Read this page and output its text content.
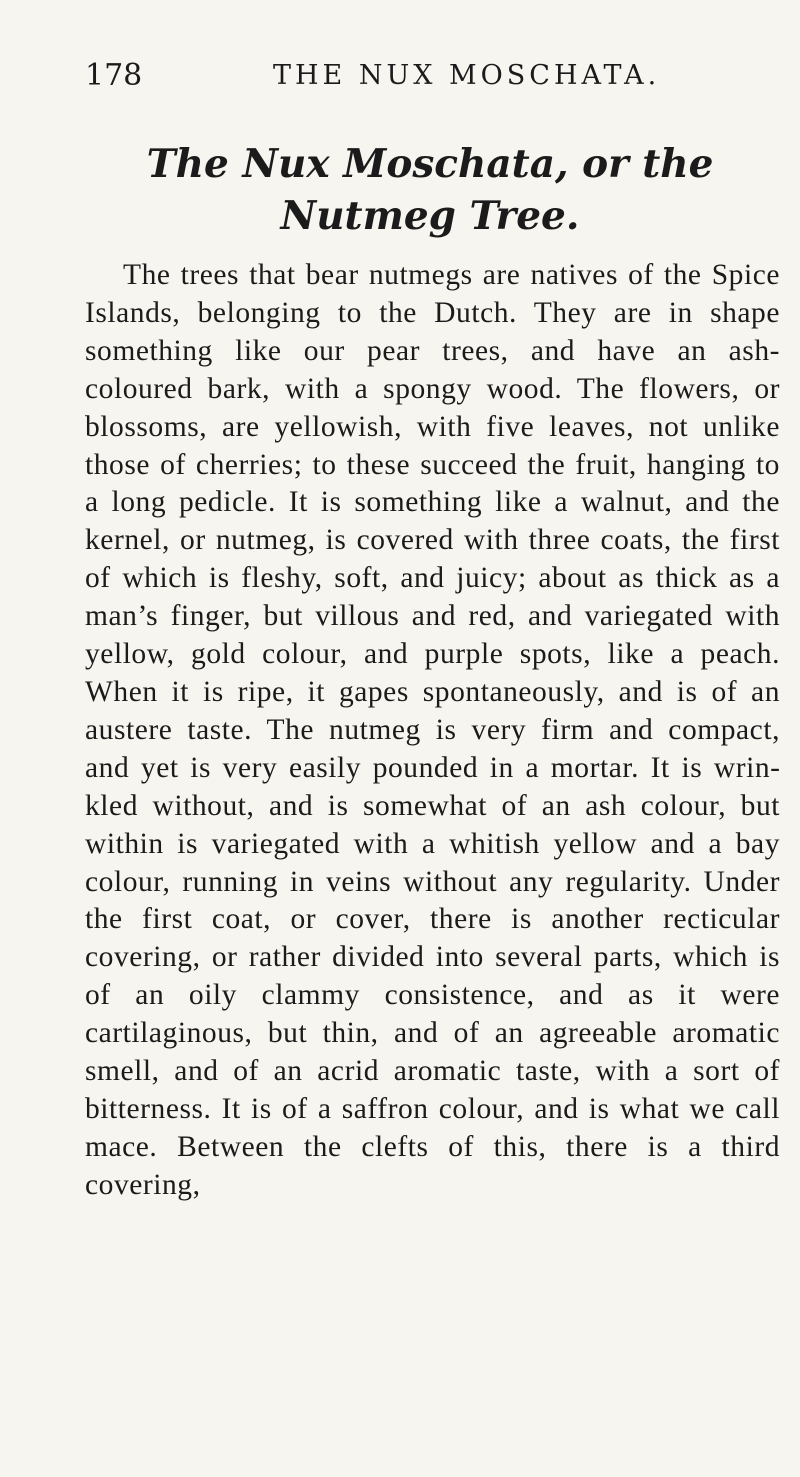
178	THE NUX MOSCHATA.
The Nux Moschata, or the Nutmeg Tree.

The trees that bear nutmegs are natives of the Spice Islands, belonging to the Dutch. They are in shape something like our pear trees, and have an ash-coloured bark, with a spongy wood. The flowers, or blossoms, are yellowish, with five leaves, not unlike those of cherries; to these succeed the fruit, hanging to a long pedicle. It is something like a walnut, and the kernel, or nutmeg, is covered with three coats, the first of which is fleshy, soft, and juicy; about as thick as a man’s finger, but villous and red, and variegated with yellow, gold colour, and purple spots, like a peach. When it is ripe, it gapes spontaneously, and is of an austere taste. The nutmeg is very firm and compact, and yet is very easily pounded in a mortar. It is wrinkled without, and is somewhat of an ash colour, but within is variegated with a whitish yellow and a bay colour, running in veins without any regularity. Under the first coat, or cover, there is another recticular covering, or rather divided into several parts, which is of an oily clammy consistence, and as it were cartilaginous, but thin, and of an agreeable aromatic smell, and of an acrid aromatic taste, with a sort of bitterness. It is of a saffron colour, and is what we call mace. Between the clefts of this, there is a third covering,
